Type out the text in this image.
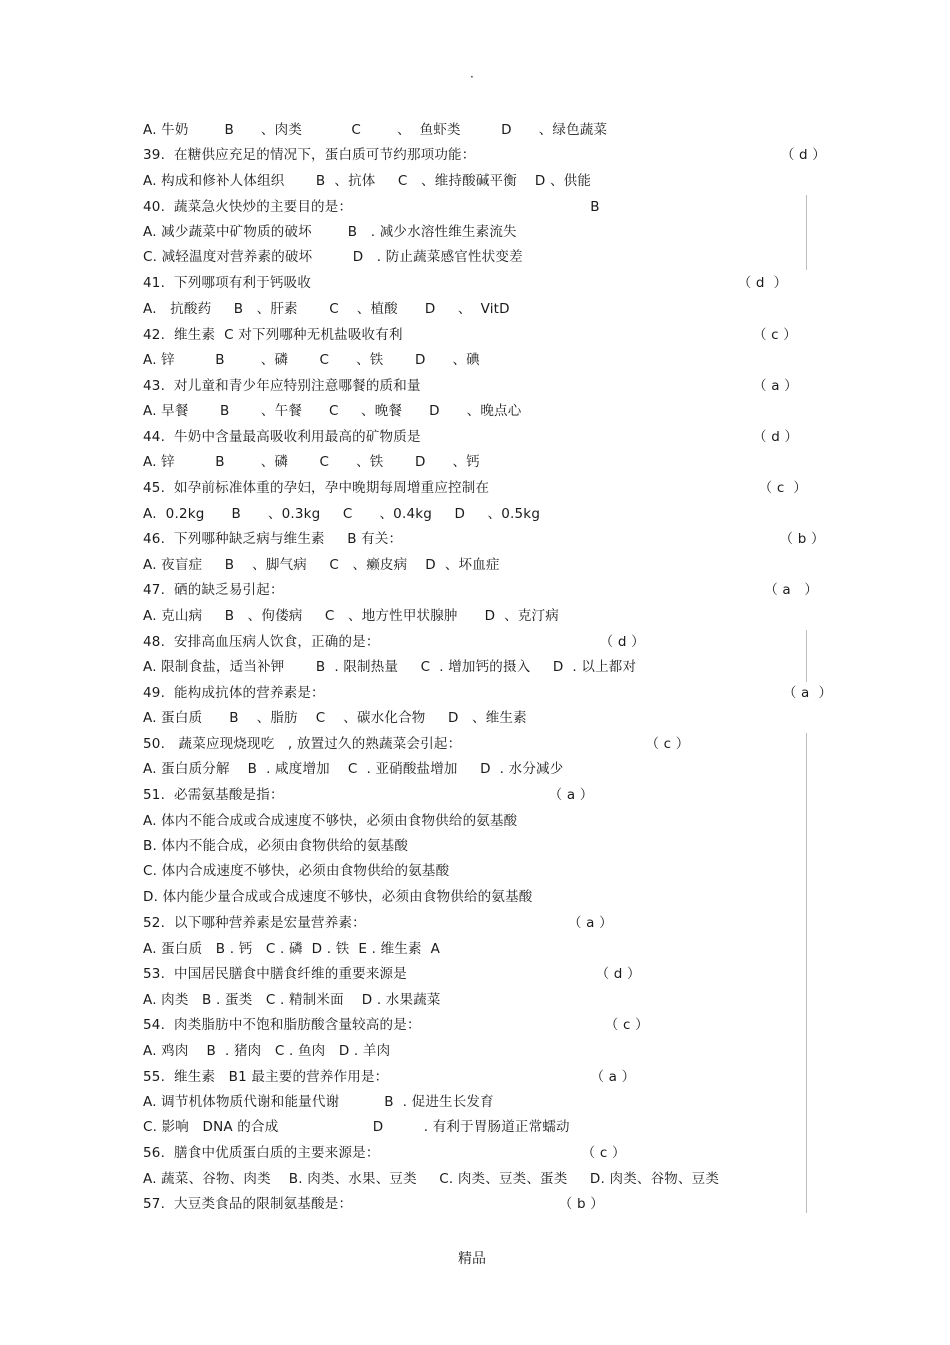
·
A. 牛奶        B      、肉类           C        、  鱼虾类         D      、绿色蔬菜
39.  在糖供应充足的情况下，蛋白质可节约那项功能：                                                                    （ d ）
A. 构成和修补人体组织       B  、抗体     C   、维持酸碱平衡    D 、供能
40.  蔬菜急火快炒的主要目的是：                                                     B
A. 减少蔬菜中矿物质的破坏        B   . 减少水溶性维生素流失
C. 减轻温度对营养素的破坏         D   . 防止蔬菜感官性状变差
41.  下列哪项有利于钙吸收                                                                                               （ d  ）
A.   抗酸药     B   、肝素       C    、植酸      D     、  VitD
42.  维生素  C 对下列哪种无机盐吸收有利                                                                              （ c ）
A. 锌         B        、磷       C      、铁       D      、碘
43.  对儿童和青少年应特别注意哪餐的质和量                                                                          （ a ）
A. 早餐       B       、午餐      C     、晚餐      D      、晚点心
44.  牛奶中含量最高吸收利用最高的矿物质是                                                                          （ d ）
A. 锌         B        、磷       C      、铁       D      、钙
45.  如孕前标准体重的孕妇，孕中晚期每周增重应控制在                                                            （ c  ）
A.  0.2kg      B      、0.3kg     C      、0.4kg     D     、0.5kg
46.  下列哪种缺乏病与维生素     B 有关：                                                                                    （ b ）
A. 夜盲症     B    、脚气病     C   、癞皮病    D  、坏血症
47.  硒的缺乏易引起：                                                                                                           （ a   ）
A. 克山病     B   、佝偻病     C   、地方性甲状腺肿      D  、克汀病
48.  安排高血压病人饮食，正确的是：                                                 （ d ）
A. 限制食盐，适当补钾       B  . 限制热量     C  . 增加钙的摄入     D  . 以上都对
49.  能构成抗体的营养素是：                                                                                                      （ a  ）
A. 蛋白质      B    、脂肪    C    、碳水化合物     D   、维生素
50.   蔬菜应现烧现吃   , 放置过久的熟蔬菜会引起：                                         （ c ）
A. 蛋白质分解    B  . 咸度增加    C  . 亚硝酸盐增加     D  . 水分减少
51.  必需氨基酸是指：                                                           （ a ）
A. 体内不能合成或合成速度不够快，必须由食物供给的氨基酸
B. 体内不能合成，必须由食物供给的氨基酸
C. 体内合成速度不够快，必须由食物供给的氨基酸
D. 体内能少量合成或合成速度不够快，必须由食物供给的氨基酸
52.  以下哪种营养素是宏量营养素：                                             （ a ）
A. 蛋白质   B . 钙   C . 磷  D . 铁  E . 维生素  A
53.  中国居民膳食中膳食纤维的重要来源是                                          （ d ）
A. 肉类   B . 蛋类   C . 精制米面    D . 水果蔬菜
54.  肉类脂肪中不饱和脂肪酸含量较高的是：                                         （ c ）
A. 鸡肉    B  . 猪肉   C . 鱼肉   D . 羊肉
55.  维生素   B1 最主要的营养作用是：                                             （ a ）
A. 调节机体物质代谢和能量代谢          B  . 促进生长发育
C. 影响   DNA 的合成                     D         . 有利于胃肠道正常蠕动
56.  膳食中优质蛋白质的主要来源是：                                             （ c ）
A. 蔬菜、谷物、肉类    B. 肉类、水果、豆类     C. 肉类、豆类、蛋类     D. 肉类、谷物、豆类
57.  大豆类食品的限制氨基酸是：                                              （ b ）
精品
